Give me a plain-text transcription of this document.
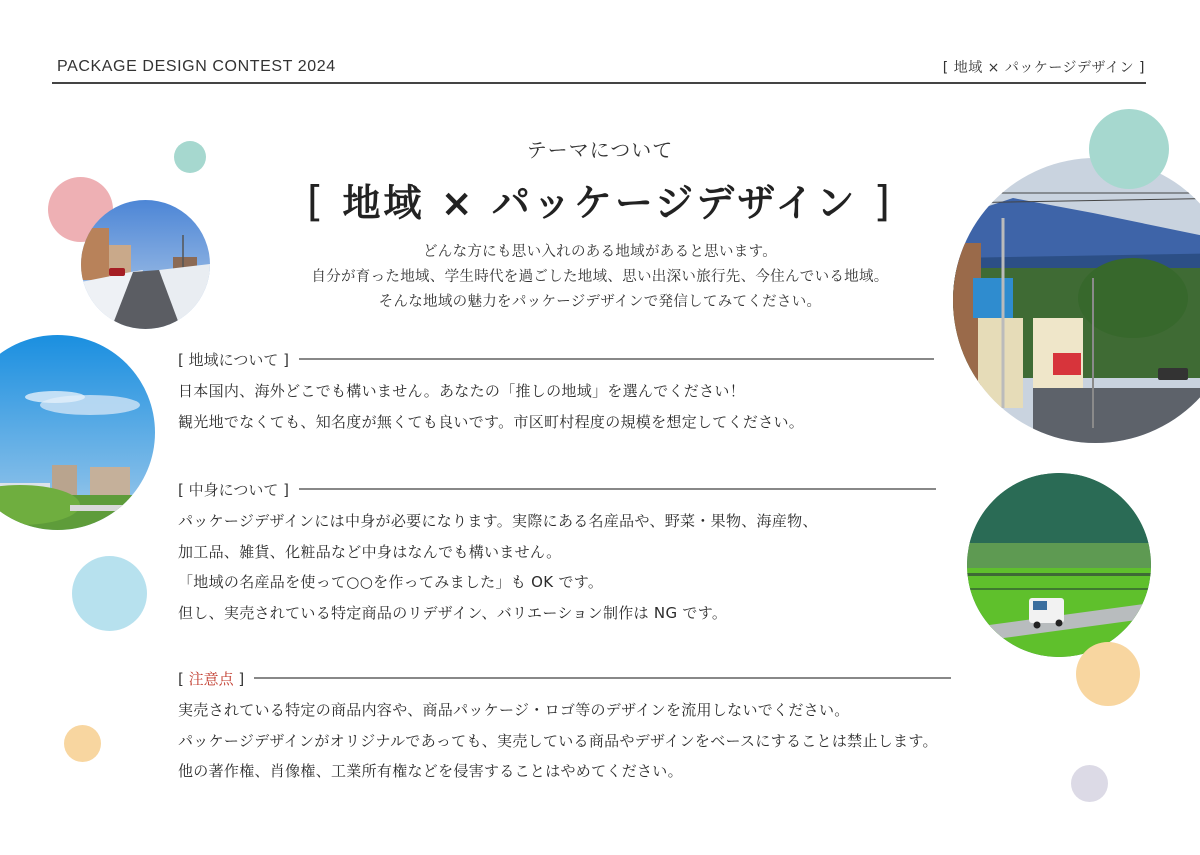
PACKAGE DESIGN CONTEST 2024	[ 地域 × パッケージデザイン ]
テーマについて
[ 地域 × パッケージデザイン ]
どんな方にも思い入れのある地域があると思います。
自分が育った地域、学生時代を過ごした地域、思い出深い旅行先、今住んでいる地域。
そんな地域の魅力をパッケージデザインで発信してみてください。
[ 地域について ]
日本国内、海外どこでも構いません。あなたの「推しの地域」を選んでください！
観光地でなくても、知名度が無くても良いです。市区町村程度の規模を想定してください。
[ 中身について ]
パッケージデザインには中身が必要になります。実際にある名産品や、野菜・果物、海産物、
加工品、雑貨、化粧品など中身はなんでも構いません。
「地域の名産品を使って○○を作ってみました」も OK です。
但し、実売されている特定商品のリデザイン、バリエーション制作は NG です。
[ 注意点 ]
実売されている特定の商品内容や、商品パッケージ・ロゴ等のデザインを流用しないでください。
パッケージデザインがオリジナルであっても、実売している商品やデザインをベースにすることは禁止します。
他の著作権、肖像権、工業所有権などを侵害することはやめてください。
